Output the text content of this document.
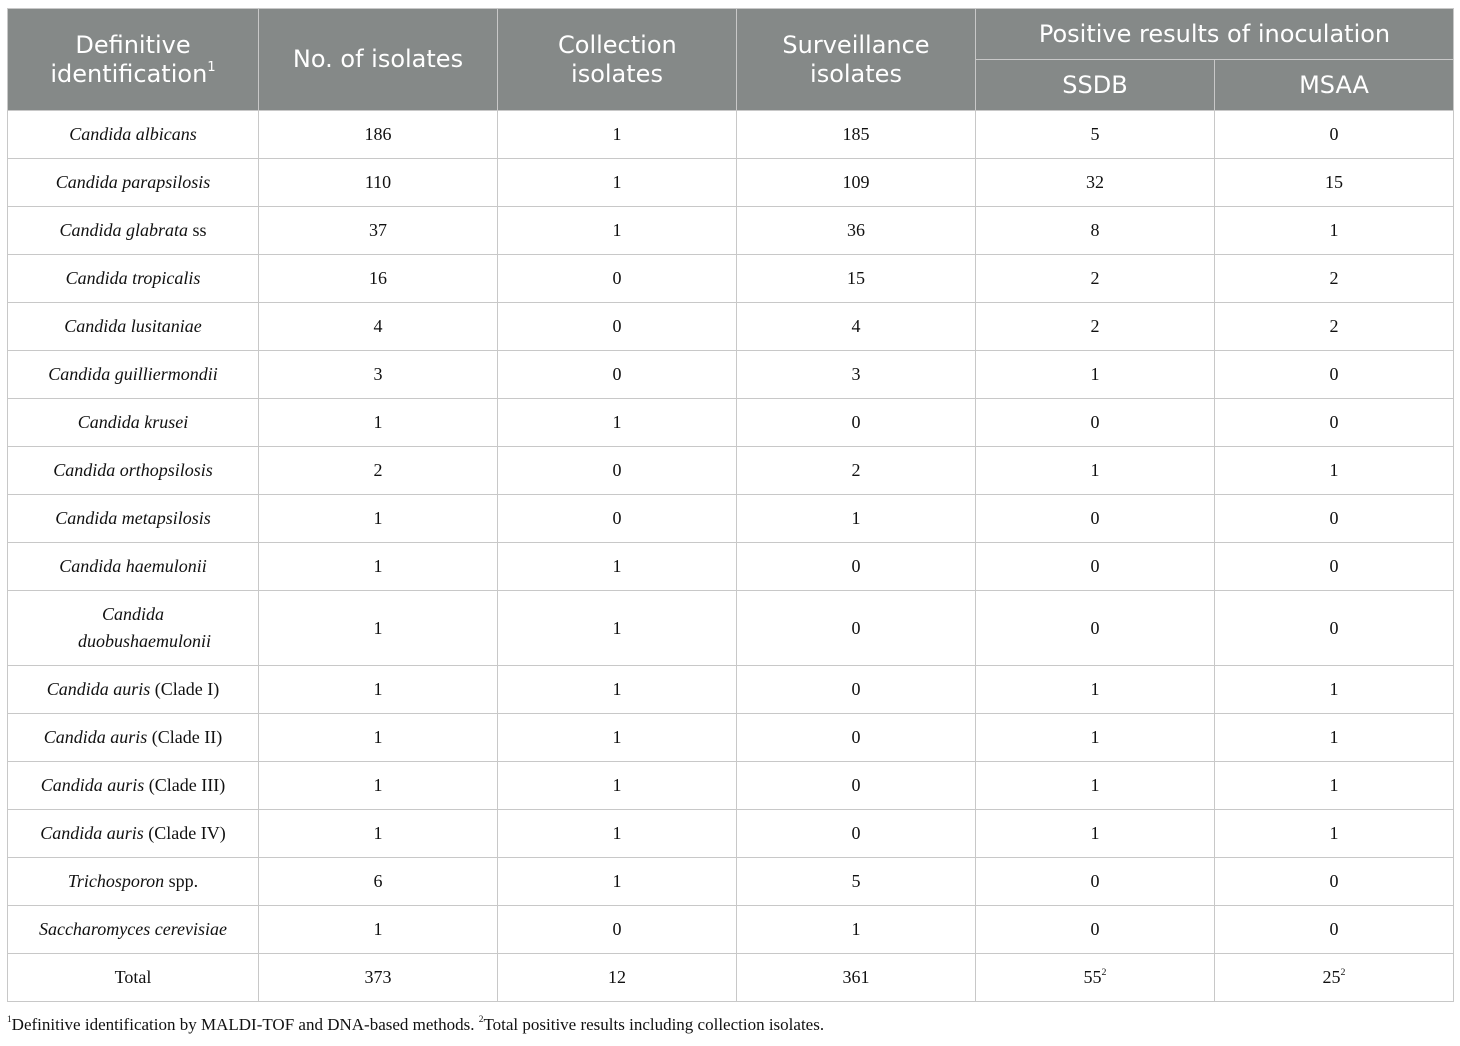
Definitive identification$^1$	No. of isolates	Collection isolates	Surveillance isolates	Positive results of inoculation	
				SSDB	MSAA
Candida albicans	186	1	185	5	0
Candida parapsilosis	110	1	109	32	15
Candida glabrata ss	37	1	36	8	1
Candida tropicalis	16	0	15	2	2
Candida lusitaniae	4	0	4	2	2
Candida guilliermondii	3	0	3	1	0
Candida krusei	1	1	0	0	0
Candida orthopsilosis	2	0	2	1	1
Candida metapsilosis	1	0	1	0	0
Candida haemulonii	1	1	0	0	0
Candida duobushaemulonii	1	1	0	0	0
Candida auris (Clade I)	1	1	0	1	1
Candida auris (Clade II)	1	1	0	1	1
Candida auris (Clade III)	1	1	0	1	1
Candida auris (Clade IV)	1	1	0	1	1
Trichosporon spp.	6	1	5	0	0
Saccharomyces cerevisiae	1	0	1	0	0
Total	373	12	361	$55^2$	$25^2$
$^1$Definitive identification by MALDI-TOF and DNA-based methods. $^2$Total positive results including collection isolates.
